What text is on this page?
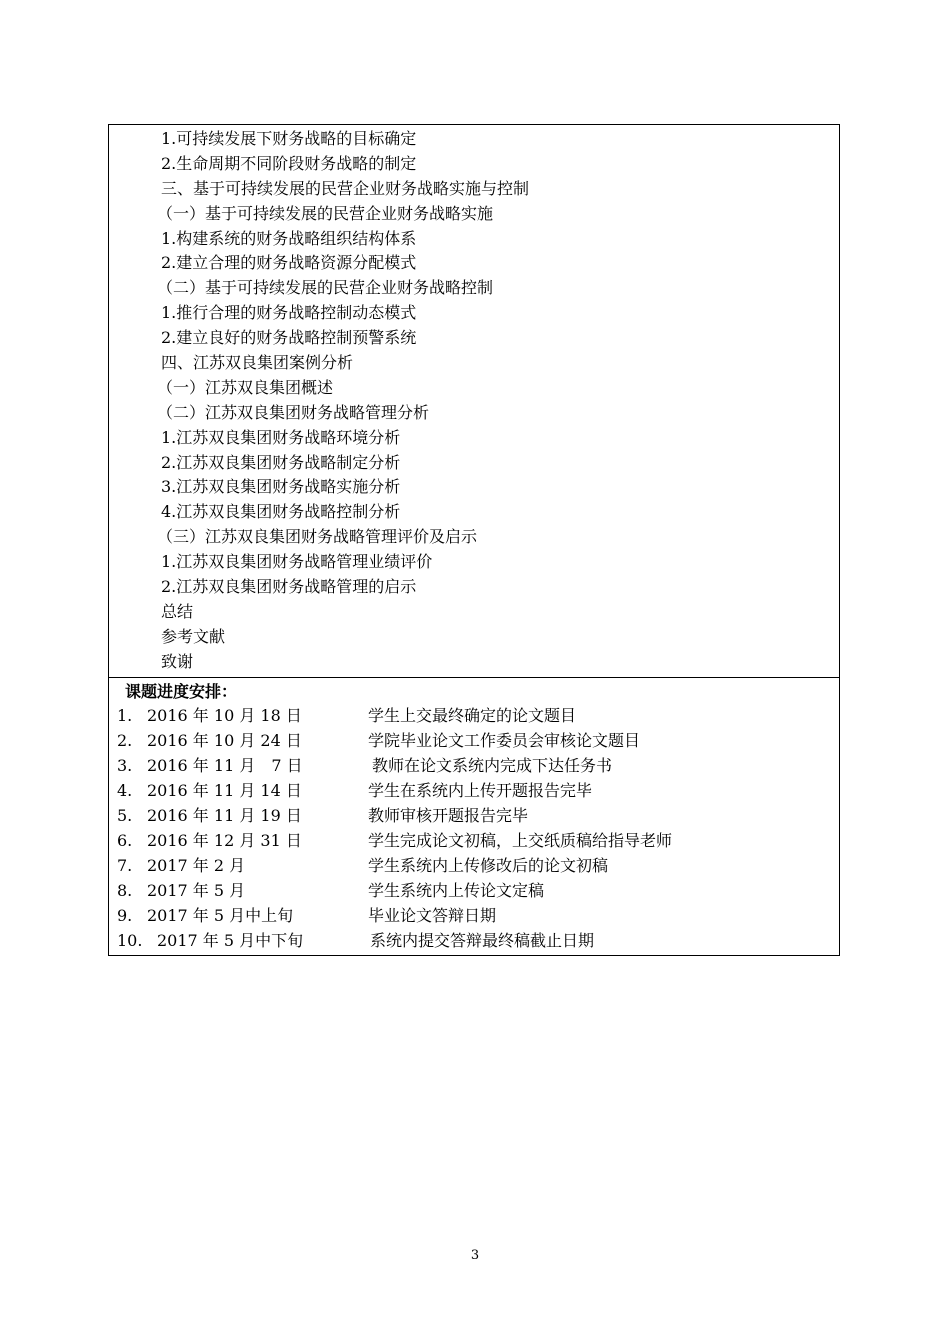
1.可持续发展下财务战略的目标确定
2.生命周期不同阶段财务战略的制定
三、基于可持续发展的民营企业财务战略实施与控制
（一）基于可持续发展的民营企业财务战略实施
1.构建系统的财务战略组织结构体系
2.建立合理的财务战略资源分配模式
（二）基于可持续发展的民营企业财务战略控制
1.推行合理的财务战略控制动态模式
2.建立良好的财务战略控制预警系统
四、江苏双良集团案例分析
（一）江苏双良集团概述
（二）江苏双良集团财务战略管理分析
1.江苏双良集团财务战略环境分析
2.江苏双良集团财务战略制定分析
3.江苏双良集团财务战略实施分析
4.江苏双良集团财务战略控制分析
（三）江苏双良集团财务战略管理评价及启示
1.江苏双良集团财务战略管理业绩评价
2.江苏双良集团财务战略管理的启示
总结
参考文献
致谢
课题进度安排：
1. 2016 年 10 月 18 日	学生上交最终确定的论文题目
2. 2016 年 10 月 24 日	学院毕业论文工作委员会审核论文题目
3. 2016 年 11 月　7 日	教师在论文系统内完成下达任务书
4. 2016 年 11 月 14 日	学生在系统内上传开题报告完毕
5. 2016 年 11 月 19 日	教师审核开题报告完毕
6. 2016 年 12 月 31 日	学生完成论文初稿，上交纸质稿给指导老师
7. 2017 年 2 月	学生系统内上传修改后的论文初稿
8. 2017 年 5 月	学生系统内上传论文定稿
9. 2017 年 5 月中上旬	毕业论文答辩日期
10. 2017 年 5 月中下旬	系统内提交答辩最终稿截止日期
3
